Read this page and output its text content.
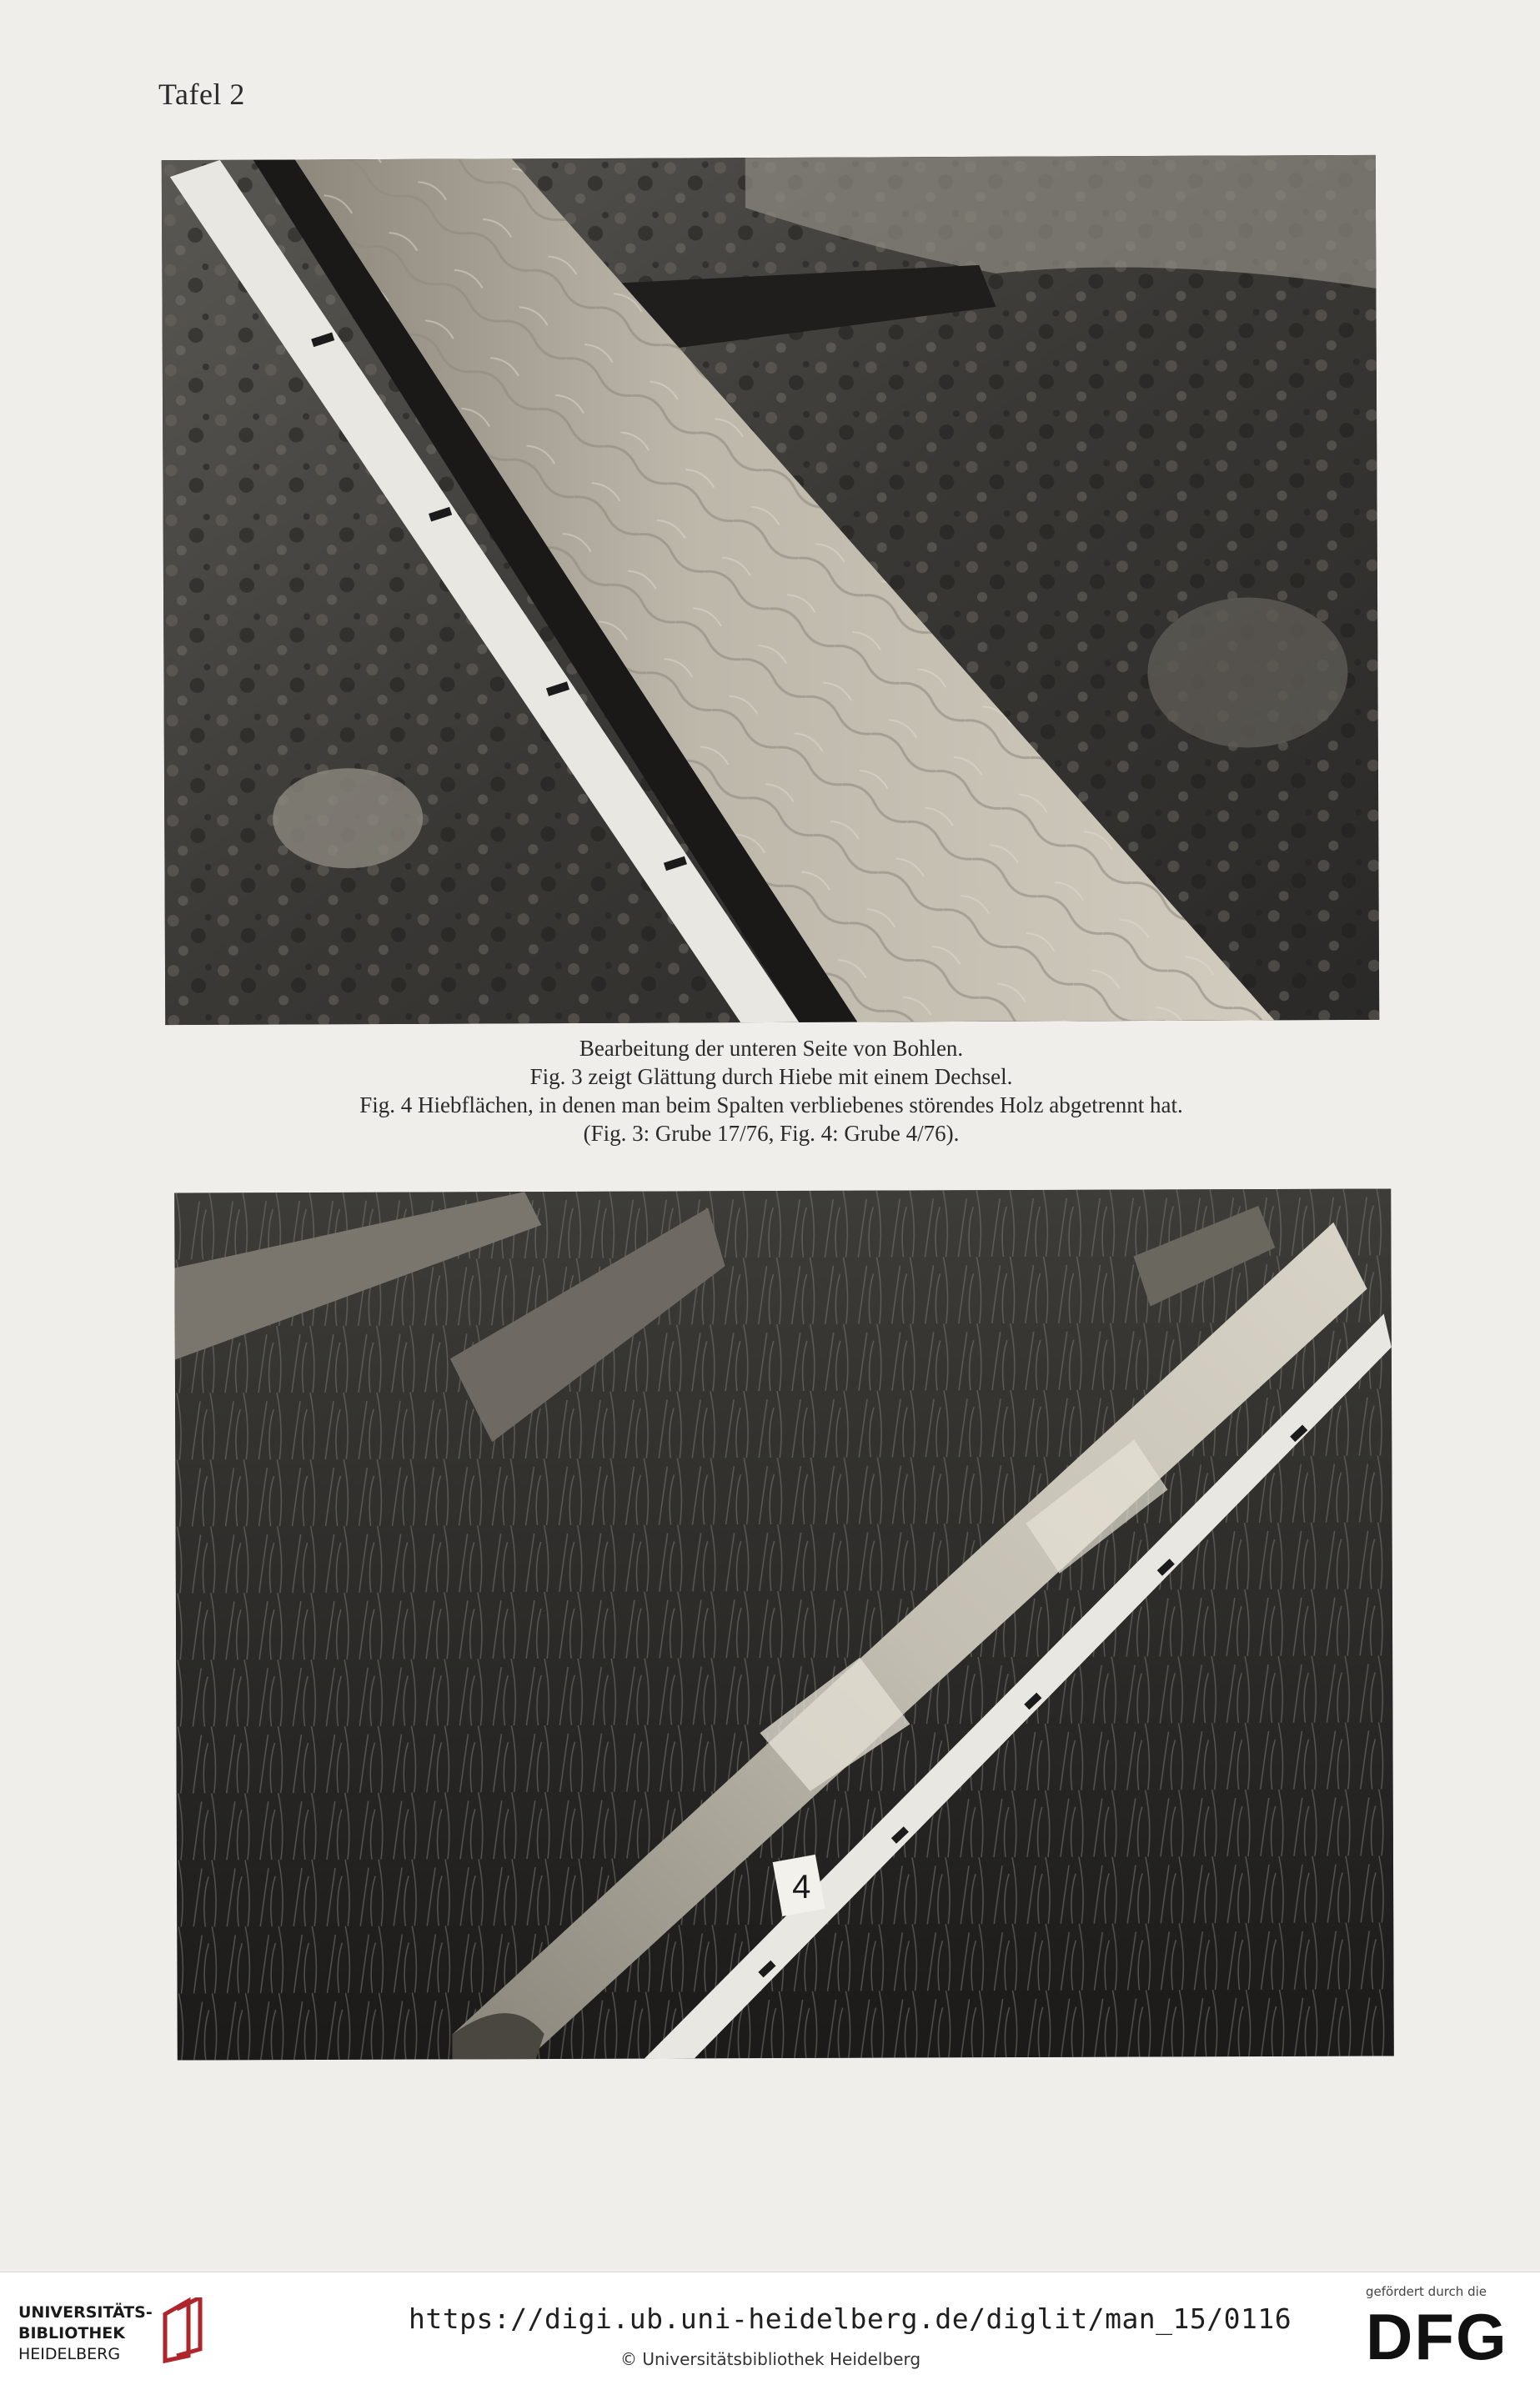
Tafel 2
Bearbeitung der unteren Seite von Bohlen.
Fig. 3 zeigt Glättung durch Hiebe mit einem Dechsel.
Fig. 4 Hiebflächen, in denen man beim Spalten verbliebenes störendes Holz abgetrennt hat.
(Fig. 3: Grube 17/76, Fig. 4: Grube 4/76).
4
UNIVERSITÄTS-
BIBLIOTHEK
HEIDELBERG
https://digi.ub.uni-heidelberg.de/diglit/man_15/0116
© Universitätsbibliothek Heidelberg
gefördert durch die
DFG
